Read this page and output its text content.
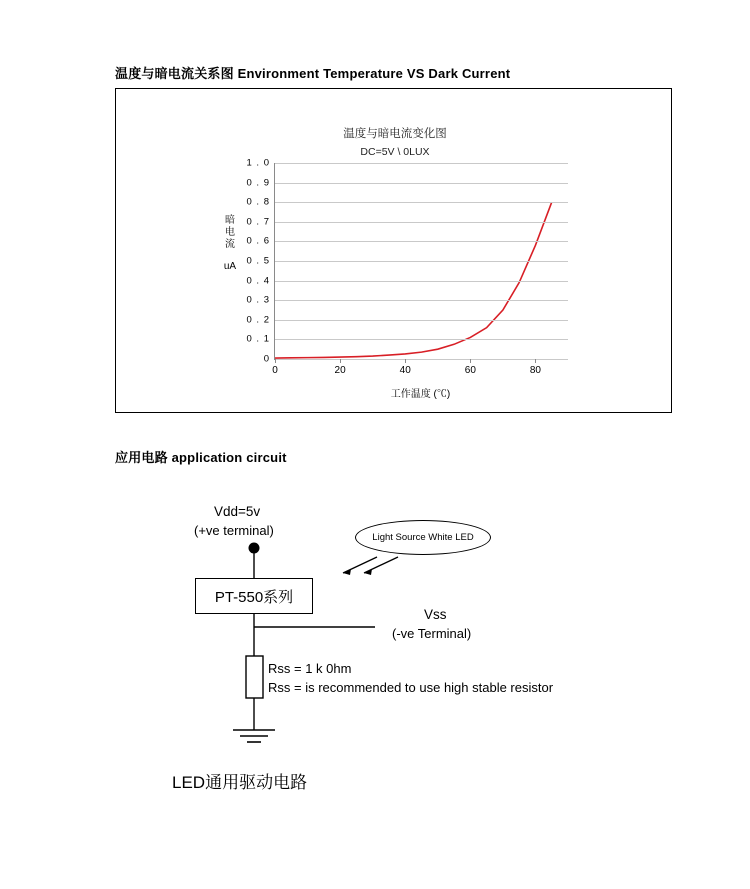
温度与暗电流关系图 Environment Temperature VS Dark Current
温度与暗电流变化图
DC=5V \ 0LUX
暗
电
流
uA
0
0 . 1
0 . 2
0 . 3
0 . 4
0 . 5
0 . 6
0 . 7
0 . 8
0 . 9
1 . 0
0	20	40	60	80
工作温度 (℃)
应用电路 application circuit
Vdd=5v
(+ve terminal)
PT-550系列
Light Source White LED
Vss
(-ve Terminal)
Rss = 1 k 0hm
Rss = is recommended to use high stable resistor
LED通用驱动电路
